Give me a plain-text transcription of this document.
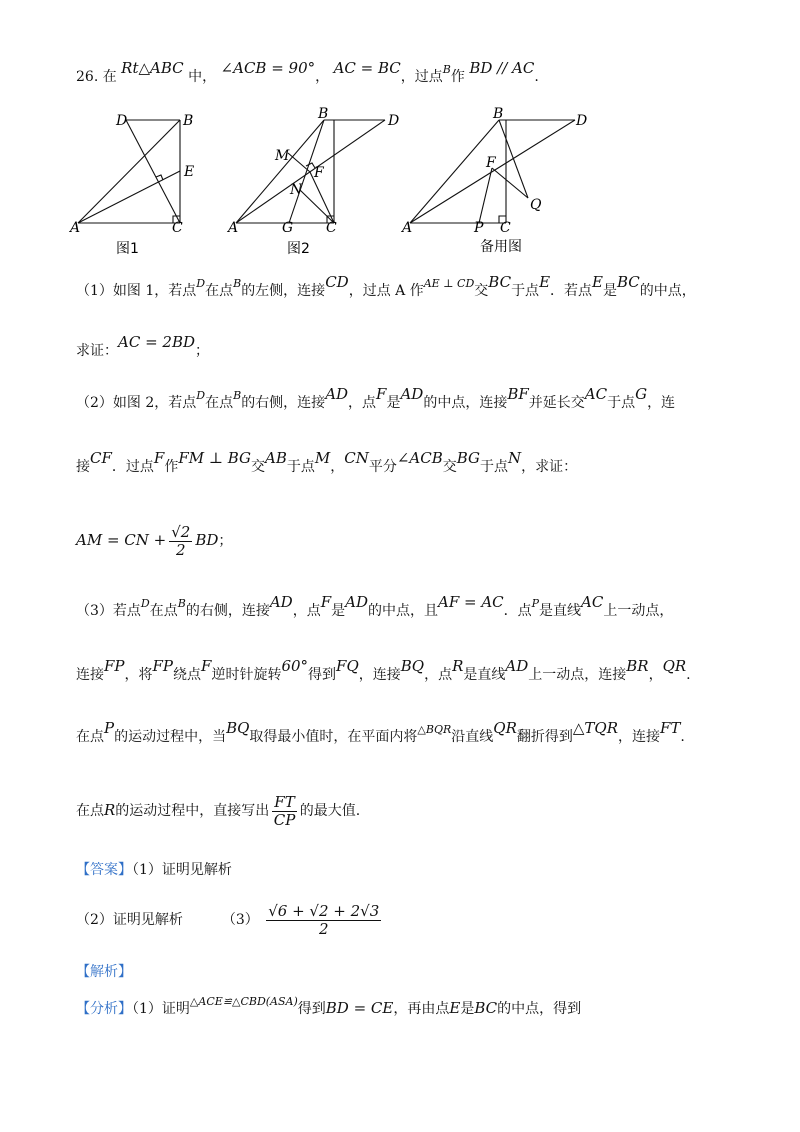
26. 在 Rt△ABC 中， ∠ACB = 90°， AC = BC，过点$^B$作 BD // AC.
D	B
E
A	C
图1
B	D
M
F
N
A	G C
图2
B	D
F
Q
A	P C
备用图
（1）如图 1，若点$^D$在点$^B$的左侧，连接CD，过点 A 作$^{AE \perp CD}$交BC于点E．若点E是BC的中点，
求证：AC = 2BD；
（2）如图 2，若点$^D$在点$^B$的右侧，连接AD，点F是AD的中点，连接BF并延长交AC于点G，连
接CF．过点F作FM ⊥ BG交AB于点M，CN平分∠ACB交BG于点N，求证：
AM = CN + $\frac{√2}{2}$ BD；
（3）若点$^D$在点$^B$的右侧，连接AD，点F是AD的中点，且AF = AC．点$^P$是直线AC上一动点，
连接FP，将FP绕点F逆时针旋转60°得到FQ，连接BQ，点R是直线AD上一动点，连接BR，QR.
在点P的运动过程中，当BQ取得最小值时，在平面内将$^{\triangle BQR}$沿直线QR翻折得到△TQR，连接FT.
在点R的运动过程中，直接写出 $\frac{FT}{CP}$ 的最大值.
【答案】（1）证明见解析
（2）证明见解析	$(3) \frac{√6 + √2 + 2√3}{2}$
【解析】
【分析】（1）证明$^{\triangle ACE≌\triangle CBD(ASA)}$得到BD = CE，再由点E是BC的中点，得到
